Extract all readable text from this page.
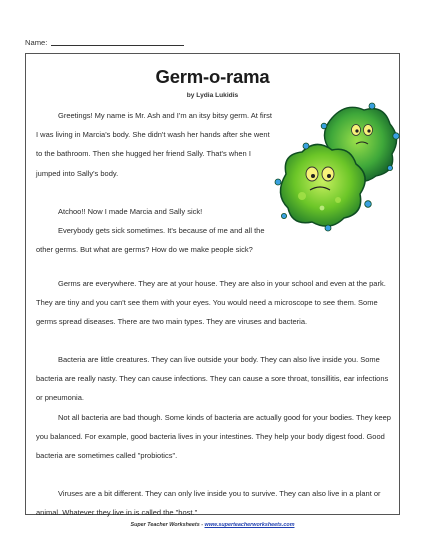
Name:
Germ-o-rama
by Lydia Lukidis

Greetings! My name is Mr. Ash and I'm an itsy bitsy germ. At first I was living in Marcia's body. She didn't wash her hands after she went to the bathroom. Then she hugged her friend Sally. That's when I jumped into Sally's body.

Atchoo!! Now I made Marcia and Sally sick!

Everybody gets sick sometimes. It's because of me and all the other germs. But what are germs? How do we make people sick?

Germs are everywhere. They are at your house. They are also in your school and even at the park. They are tiny and you can't see them with your eyes. You would need a microscope to see them. Some germs spread diseases. There are two main types. They are viruses and bacteria.

Bacteria are little creatures. They can live outside your body. They can also live inside you. Some bacteria are really nasty. They can cause infections. They can cause a sore throat, tonsillitis, ear infections or pneumonia.

Not all bacteria are bad though. Some kinds of bacteria are actually good for your bodies. They keep you balanced. For example, good bacteria lives in your intestines. They help your body digest food. Good bacteria are sometimes called "probiotics".

Viruses are a bit different. They can only live inside you to survive. They can also live in a plant or animal. Whatever they live in is called the "host."

Super Teacher Worksheets - www.superteacherworksheets.com
